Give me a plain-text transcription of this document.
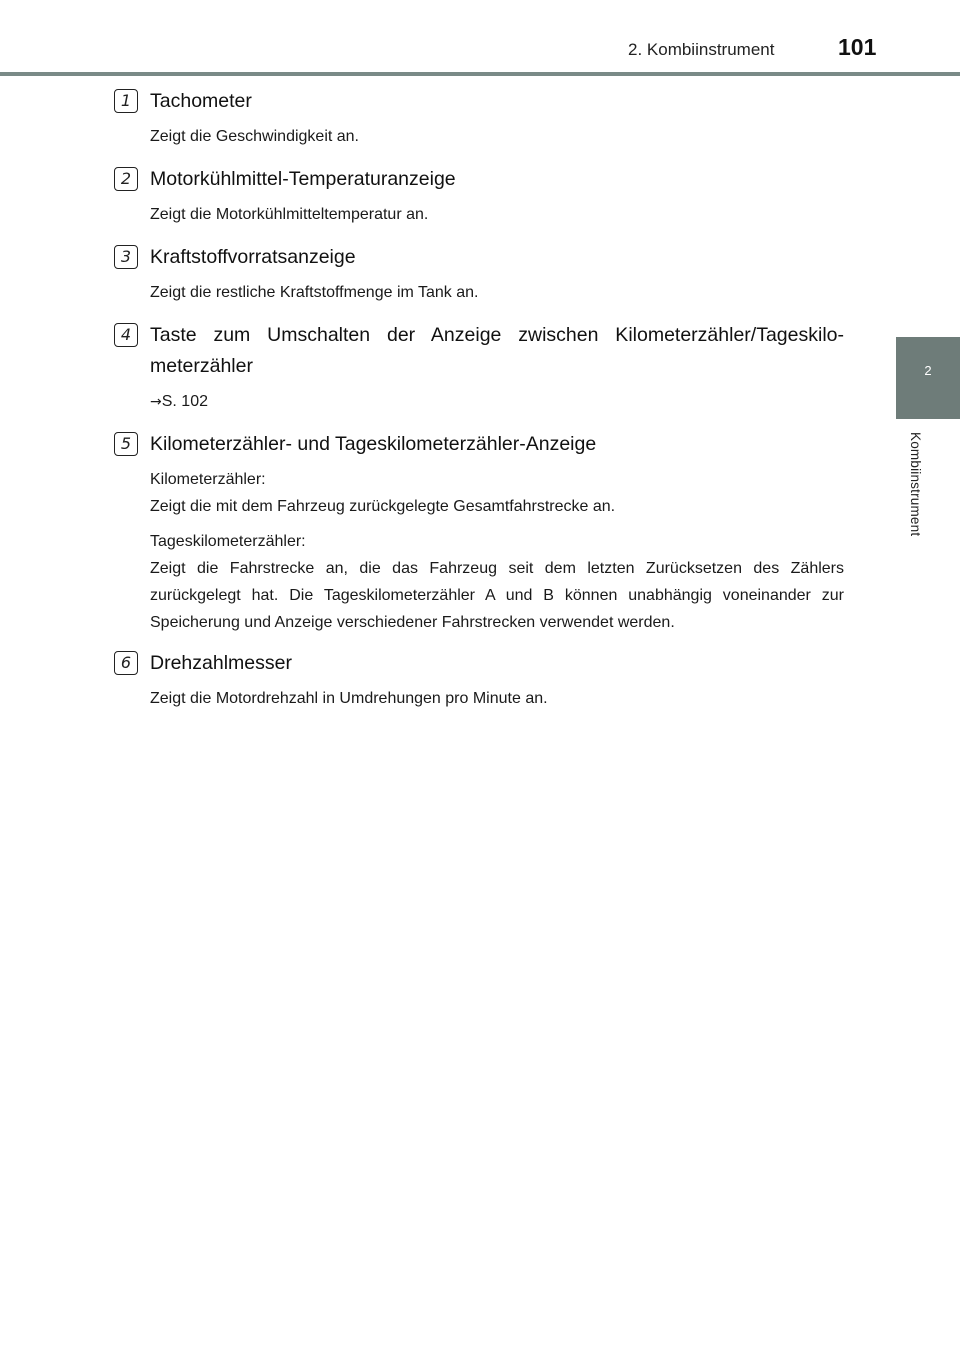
2. Kombiinstrument	101
2
Kombiinstrument
1 Tachometer

Zeigt die Geschwindigkeit an.

2 Motorkühlmittel-Temperaturanzeige

Zeigt die Motorkühlmitteltemperatur an.

3 Kraftstoffvorratsanzeige

Zeigt die restliche Kraftstoffmenge im Tank an.

4 Taste zum Umschalten der Anzeige zwischen Kilometerzähler/Tageskilo-meterzähler

→S. 102

5 Kilometerzähler- und Tageskilometerzähler-Anzeige

Kilometerzähler:
Zeigt die mit dem Fahrzeug zurückgelegte Gesamtfahrstrecke an.

Tageskilometerzähler:
Zeigt die Fahrstrecke an, die das Fahrzeug seit dem letzten Zurücksetzen des Zählers zurückgelegt hat. Die Tageskilometerzähler A und B können unabhängig voneinander zur Speicherung und Anzeige verschiedener Fahrstrecken verwendet werden.

6 Drehzahlmesser

Zeigt die Motordrehzahl in Umdrehungen pro Minute an.
